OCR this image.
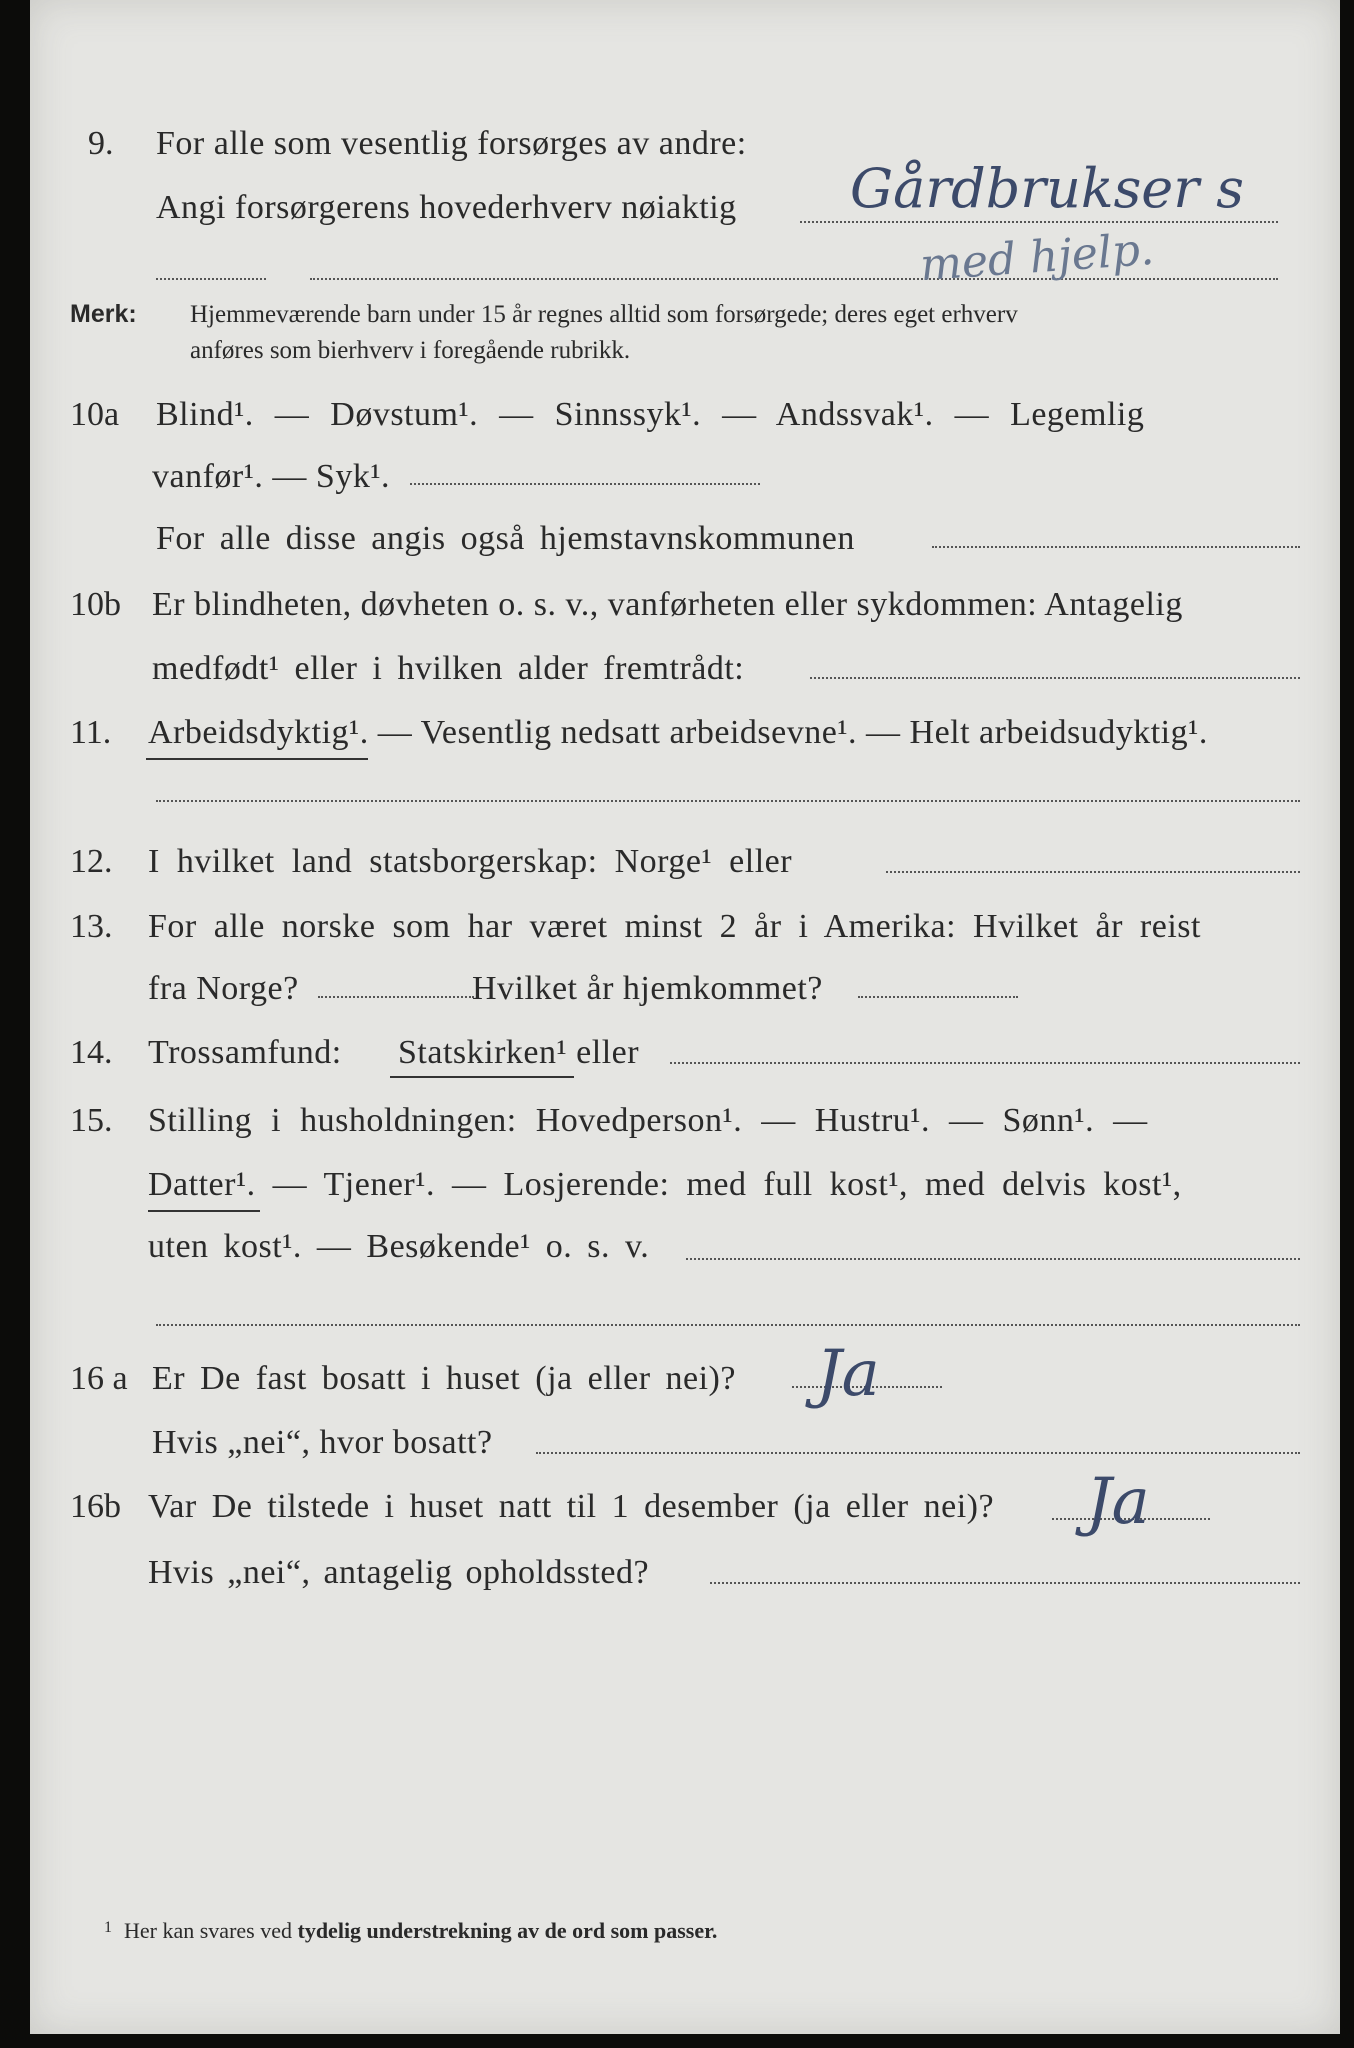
9. For alle som vesentlig forsørges av andre:
Angi forsørgerens hovederhverv nøiaktig Gårdbrukser s
med hjelp.
Merk: Hjemmeværende barn under 15 år regnes alltid som forsørgede; deres eget erhverv
anføres som bierhverv i foregående rubrikk.
10a Blind¹. — Døvstum¹. — Sinnssyk¹. — Andssvak¹. — Legemlig
vanfør¹. — Syk¹.
For alle disse angis også hjemstavnskommunen
10b Er blindheten, døvheten o. s. v., vanførheten eller sykdommen: Antagelig
medfødt¹ eller i hvilken alder fremtrådt:
11. Arbeidsdyktig¹. — Vesentlig nedsatt arbeidsevne¹. — Helt arbeidsudyktig¹.
12. I hvilket land statsborgerskap: Norge¹ eller
13. For alle norske som har været minst 2 år i Amerika: Hvilket år reist
fra Norge?	Hvilket år hjemkommet?
14. Trossamfund: Statskirken¹ eller
15. Stilling i husholdningen: Hovedperson¹. — Hustru¹. — Sønn¹. —
Datter¹. — Tjener¹. — Losjerende: med full kost¹, med delvis kost¹,
uten kost¹. — Besøkende¹ o. s. v.
16 a Er De fast bosatt i huset (ja eller nei)? Ja
Hvis „nei“, hvor bosatt?
16b Var De tilstede i huset natt til 1 desember (ja eller nei)? Ja
Hvis „nei“, antagelig opholdssted?
$^1$ Her kan svares ved tydelig understrekning av de ord som passer.
